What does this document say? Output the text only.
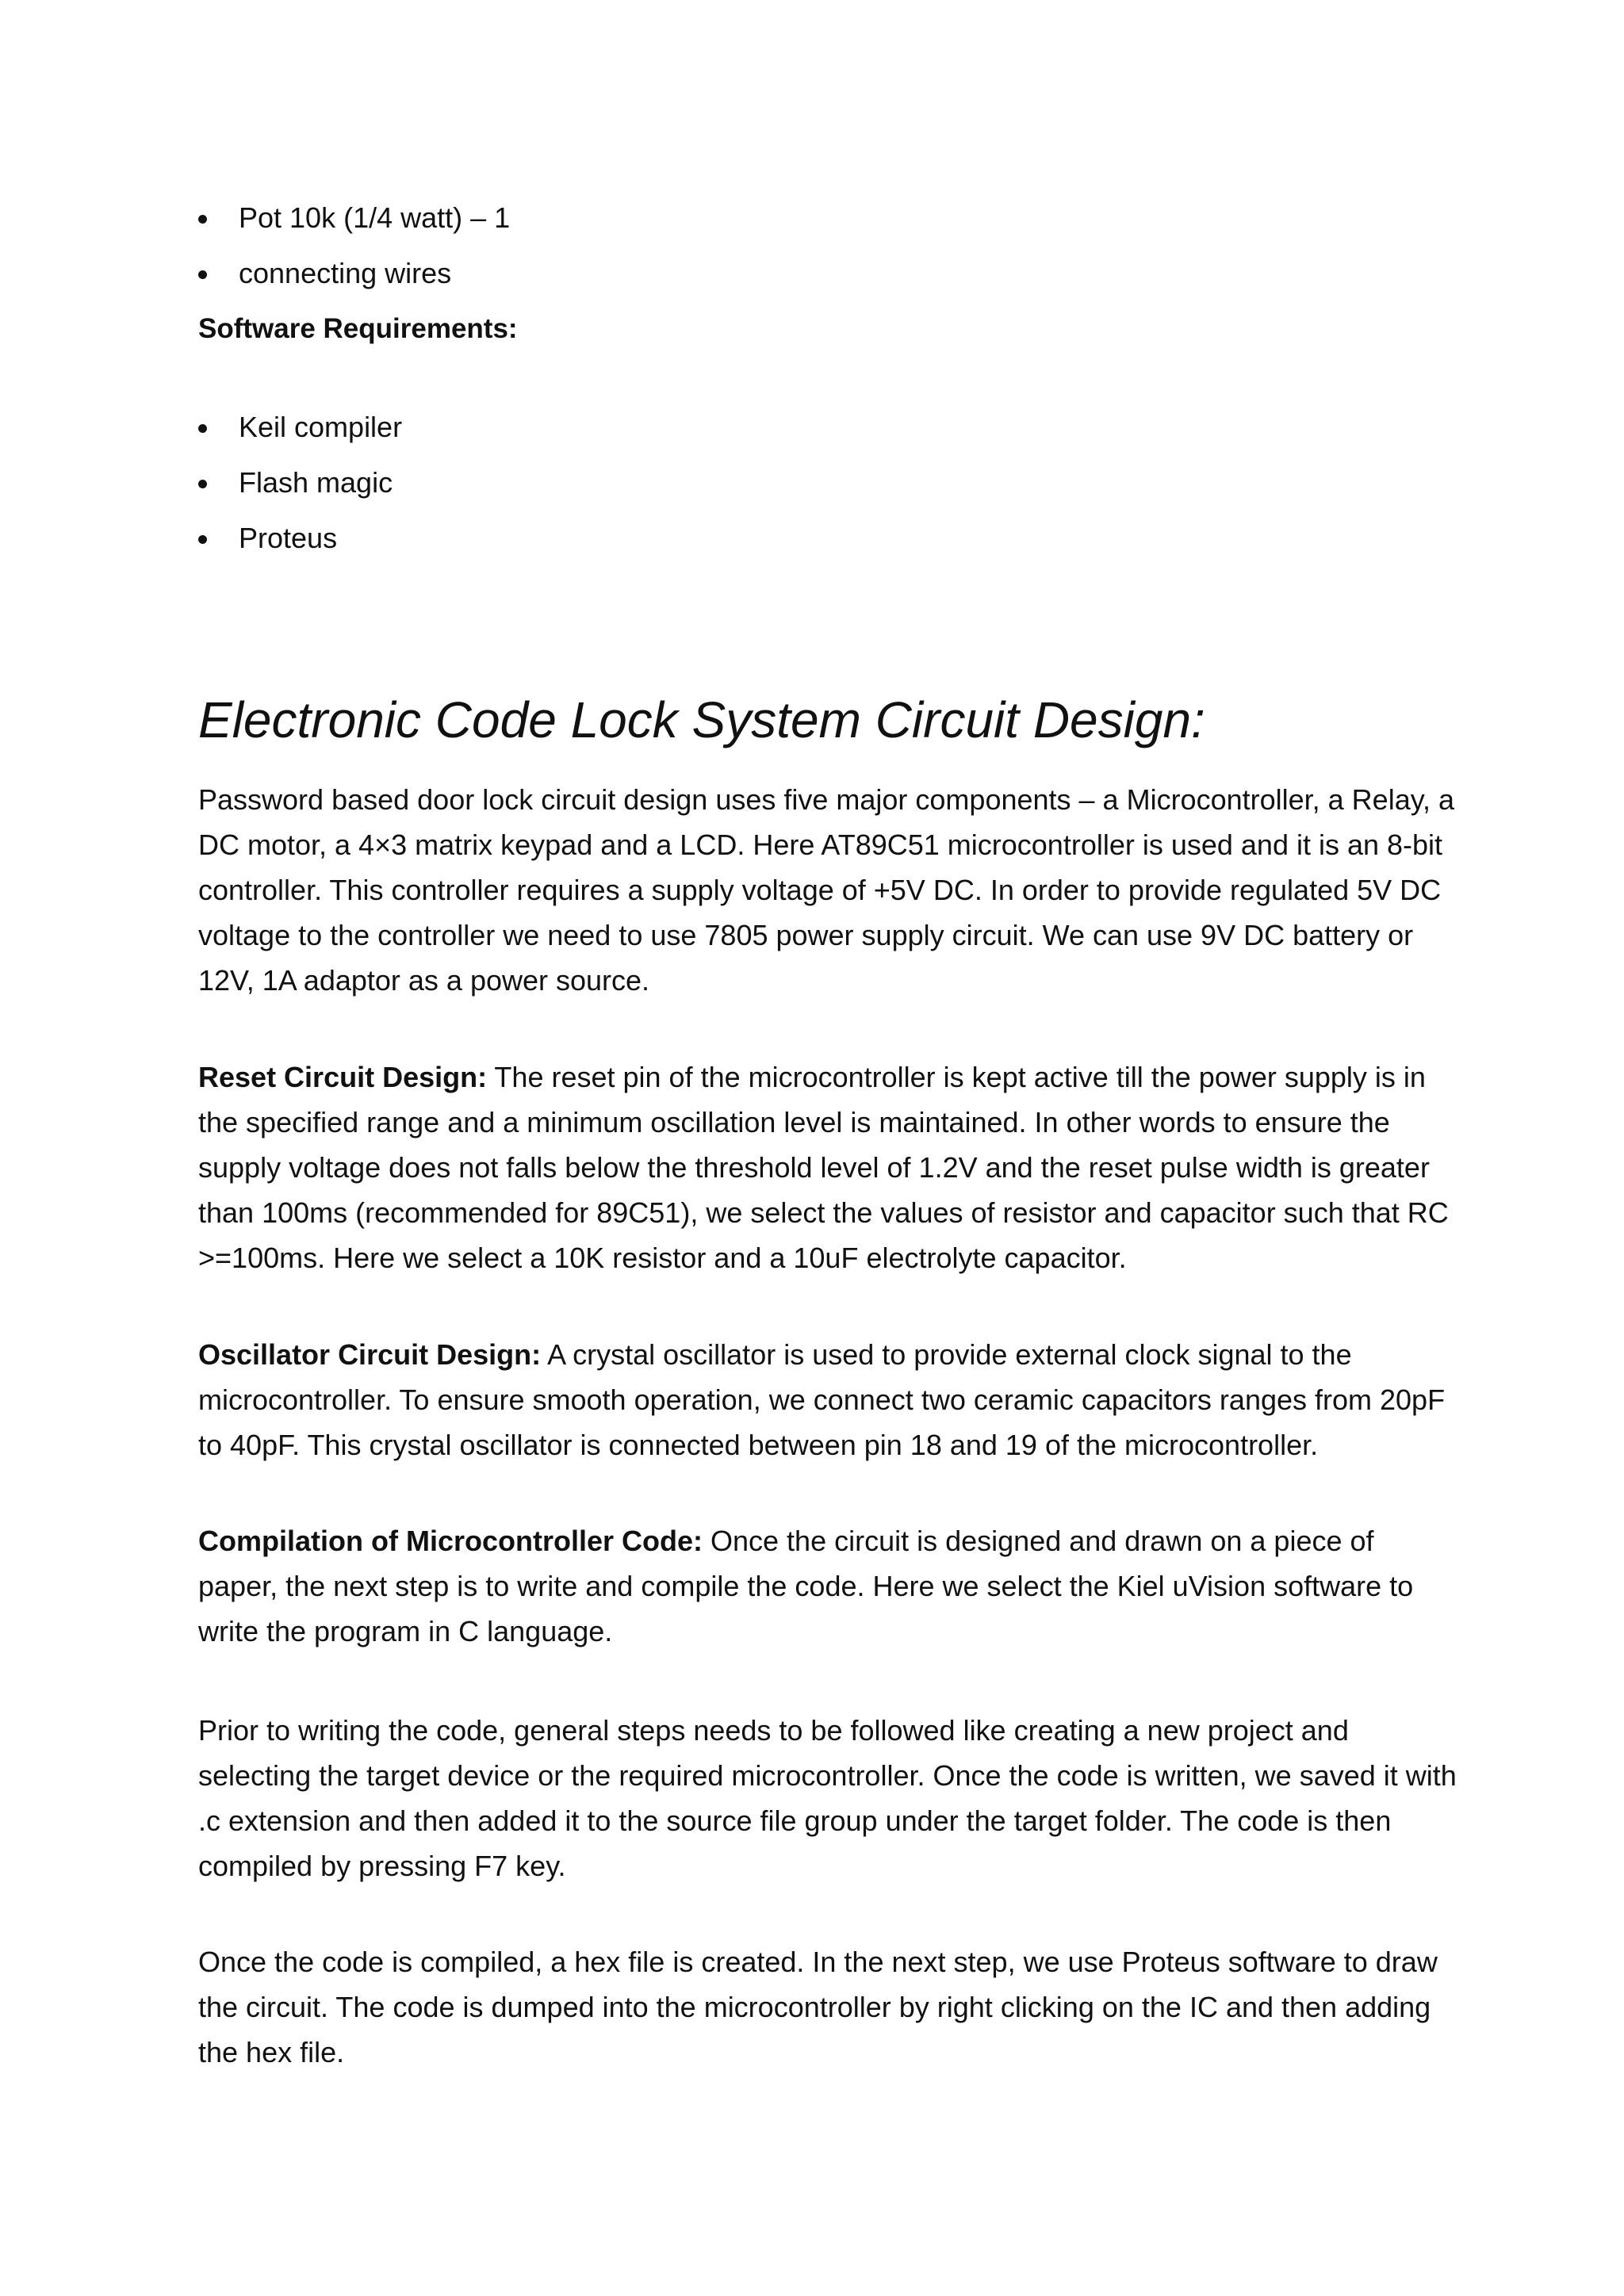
Pot 10k (1/4 watt) – 1
connecting wires

Software Requirements:

Keil compiler
Flash magic
Proteus
Electronic Code Lock System Circuit Design:

Password based door lock circuit design uses five major components – a Microcontroller, a Relay, a DC motor, a 4×3 matrix keypad and a LCD. Here AT89C51 microcontroller is used and it is an 8-bit controller. This controller requires a supply voltage of +5V DC. In order to provide regulated 5V DC voltage to the controller we need to use 7805 power supply circuit. We can use 9V DC battery or 12V, 1A adaptor as a power source.

Reset Circuit Design: The reset pin of the microcontroller is kept active till the power supply is in the specified range and a minimum oscillation level is maintained. In other words to ensure the supply voltage does not falls below the threshold level of 1.2V and the reset pulse width is greater than 100ms (recommended for 89C51), we select the values of resistor and capacitor such that RC >=100ms. Here we select a 10K resistor and a 10uF electrolyte capacitor.

Oscillator Circuit Design: A crystal oscillator is used to provide external clock signal to the microcontroller. To ensure smooth operation, we connect two ceramic capacitors ranges from 20pF to 40pF. This crystal oscillator is connected between pin 18 and 19 of the microcontroller.

Compilation of Microcontroller Code: Once the circuit is designed and drawn on a piece of paper, the next step is to write and compile the code. Here we select the Kiel uVision software to write the program in C language.

Prior to writing the code, general steps needs to be followed like creating a new project and selecting the target device or the required microcontroller. Once the code is written, we saved it with .c extension and then added it to the source file group under the target folder. The code is then compiled by pressing F7 key.

Once the code is compiled, a hex file is created. In the next step, we use Proteus software to draw the circuit. The code is dumped into the microcontroller by right clicking on the IC and then adding the hex file.
